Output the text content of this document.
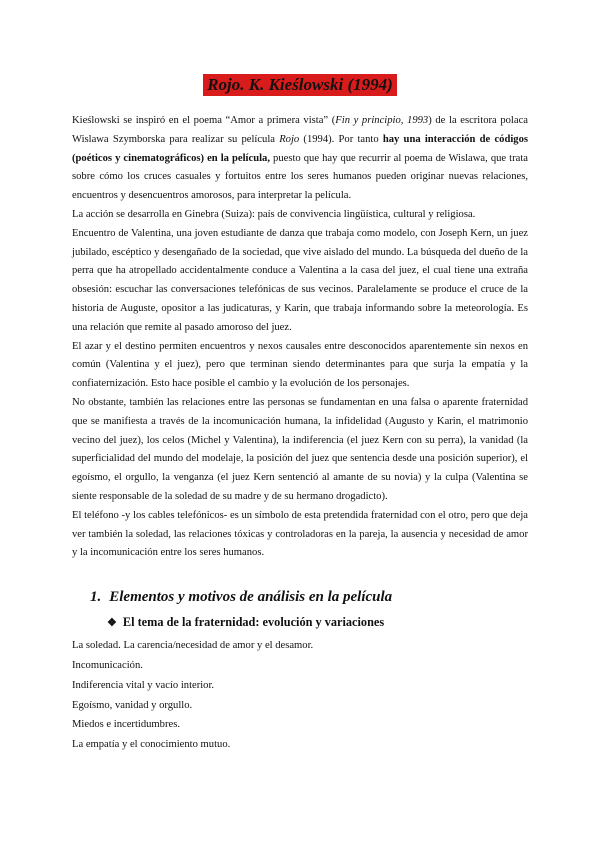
Rojo. K. Kieślowski (1994)

Kieślowski se inspiró en el poema “Amor a primera vista” (Fin y principio, 1993) de la escritora polaca Wislawa Szymborska para realizar su película Rojo (1994). Por tanto hay una interacción de códigos (poéticos y cinematográficos) en la película, puesto que hay que recurrir al poema de Wislawa, que trata sobre cómo los cruces casuales y fortuitos entre los seres humanos pueden originar nuevas relaciones, encuentros y desencuentros amorosos, para interpretar la película.

La acción se desarrolla en Ginebra (Suiza): país de convivencia lingüística, cultural y religiosa.

Encuentro de Valentina, una joven estudiante de danza que trabaja como modelo, con Joseph Kern, un juez jubilado, escéptico y desengañado de la sociedad, que vive aislado del mundo. La búsqueda del dueño de la perra que ha atropellado accidentalmente conduce a Valentina a la casa del juez, el cual tiene una extraña obsesión: escuchar las conversaciones telefónicas de sus vecinos. Paralelamente se produce el cruce de la historia de Auguste, opositor a las judicaturas, y Karin, que trabaja informando sobre la meteorología. Es una relación que remite al pasado amoroso del juez.

El azar y el destino permiten encuentros y nexos causales entre desconocidos aparentemente sin nexos en común (Valentina y el juez), pero que terminan siendo determinantes para que surja la empatía y la confiaternización. Esto hace posible el cambio y la evolución de los personajes.

No obstante, también las relaciones entre las personas se fundamentan en una falsa o aparente fraternidad que se manifiesta a través de la incomunicación humana, la infidelidad (Augusto y Karin, el matrimonio vecino del juez), los celos (Michel y Valentina), la indiferencia (el juez Kern con su perra), la vanidad (la superficialidad del mundo del modelaje, la posición del juez que sentencia desde una posición superior), el egoísmo, el orgullo, la venganza (el juez Kern sentenció al amante de su novia) y la culpa (Valentina se siente responsable de la soledad de su madre y de su hermano drogadicto).

El teléfono -y los cables telefónicos- es un símbolo de esta pretendida fraternidad con el otro, pero que deja ver también la soledad, las relaciones tóxicas y controladoras en la pareja, la ausencia y necesidad de amor y la incomunicación entre los seres humanos.

1. Elementos y motivos de análisis en la película
❖ El tema de la fraternidad: evolución y variaciones

La soledad. La carencia/necesidad de amor y el desamor.

Incomunicación.

Indiferencia vital y vacío interior.

Egoísmo, vanidad y orgullo.

Miedos e incertidumbres.

La empatía y el conocimiento mutuo.
